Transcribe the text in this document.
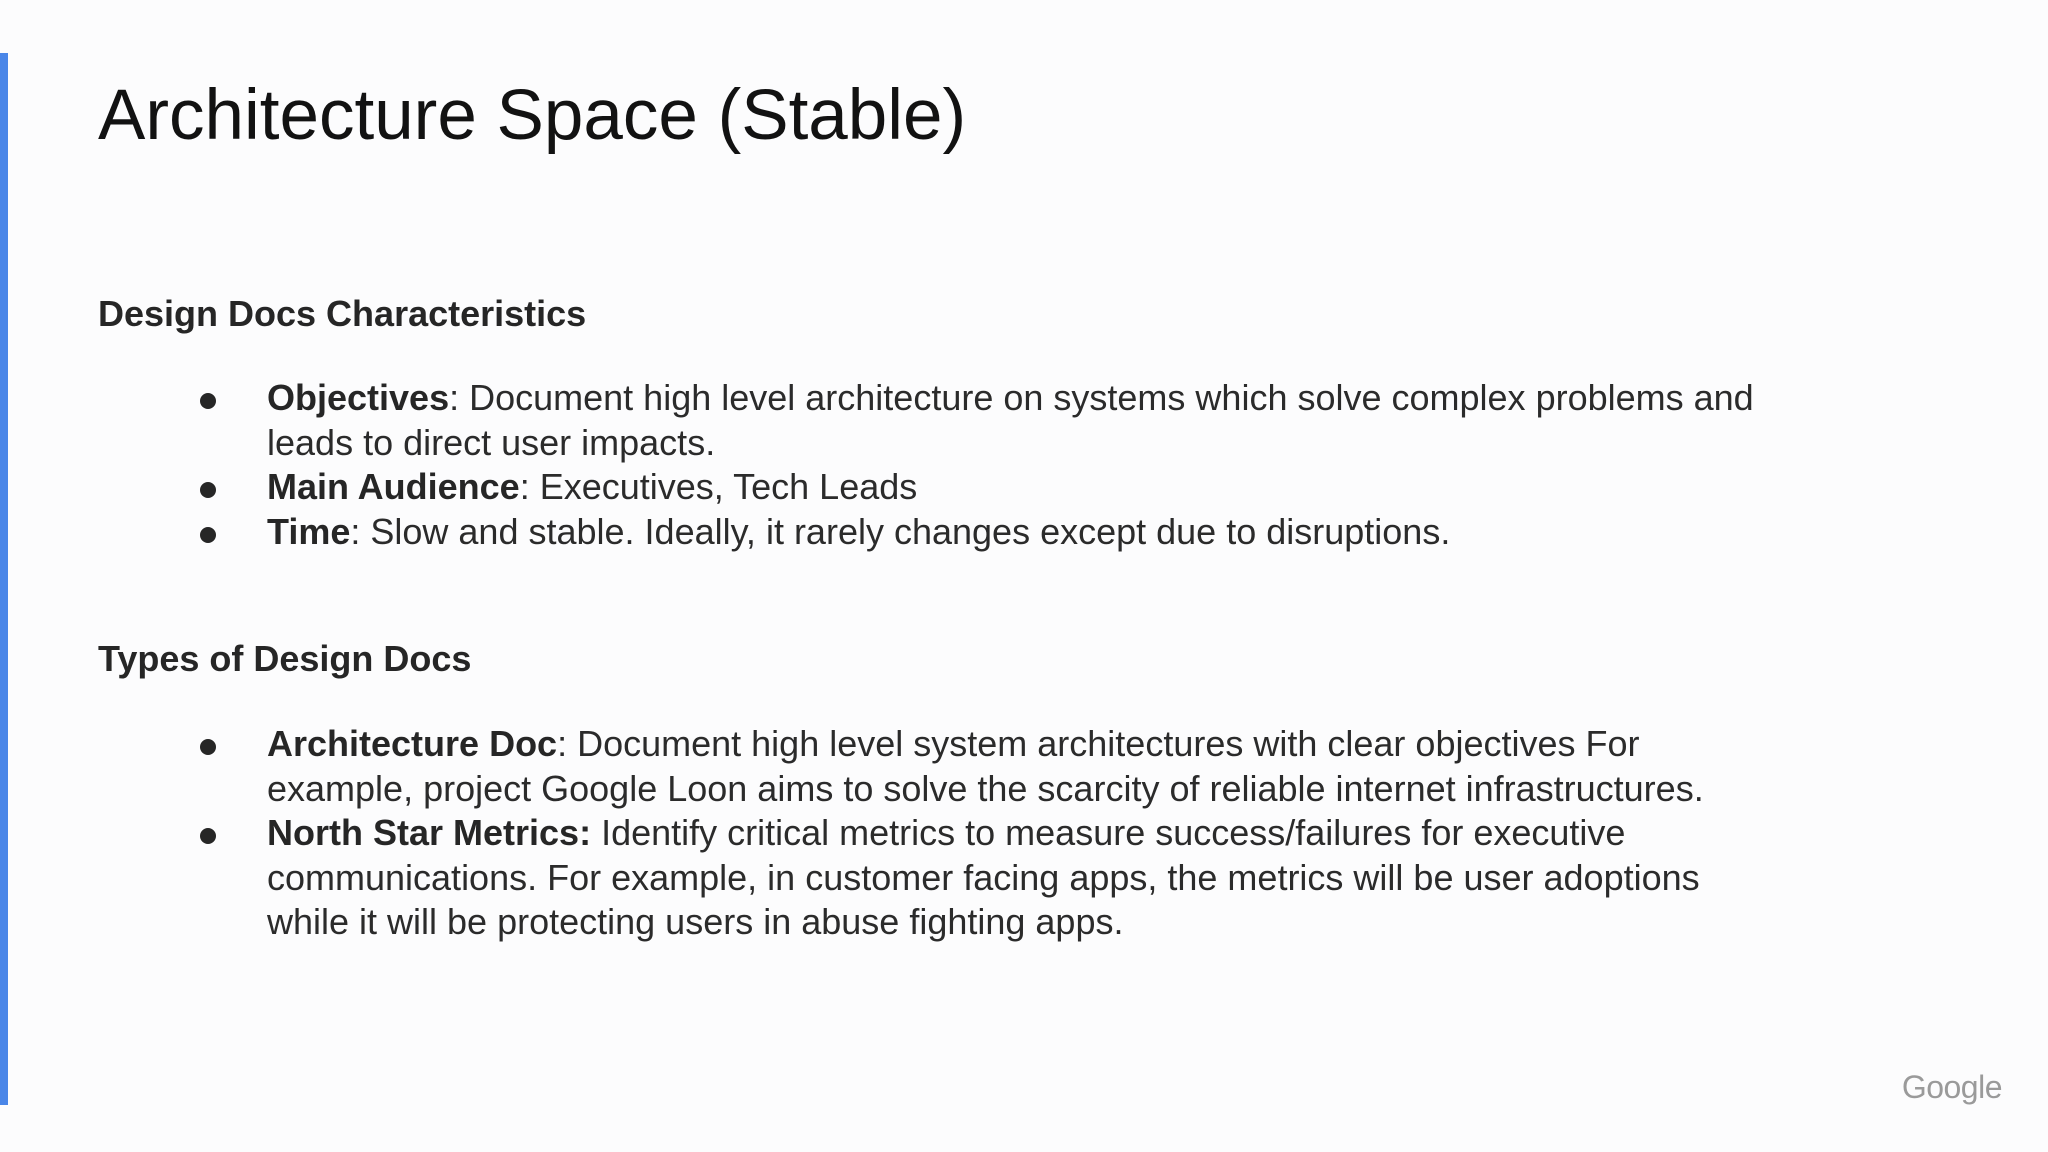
Architecture Space (Stable)
Design Docs Characteristics
Objectives: Document high level architecture on systems which solve complex problems and leads to direct user impacts.
Main Audience: Executives, Tech Leads
Time: Slow and stable. Ideally, it rarely changes except due to disruptions.
Types of Design Docs
Architecture Doc: Document high level system architectures with clear objectives For example, project Google Loon aims to solve the scarcity of reliable internet infrastructures.
North Star Metrics: Identify critical metrics to measure success/failures for executive communications. For example, in customer facing apps, the metrics will be user adoptions while it will be protecting users in abuse fighting apps.
Google
